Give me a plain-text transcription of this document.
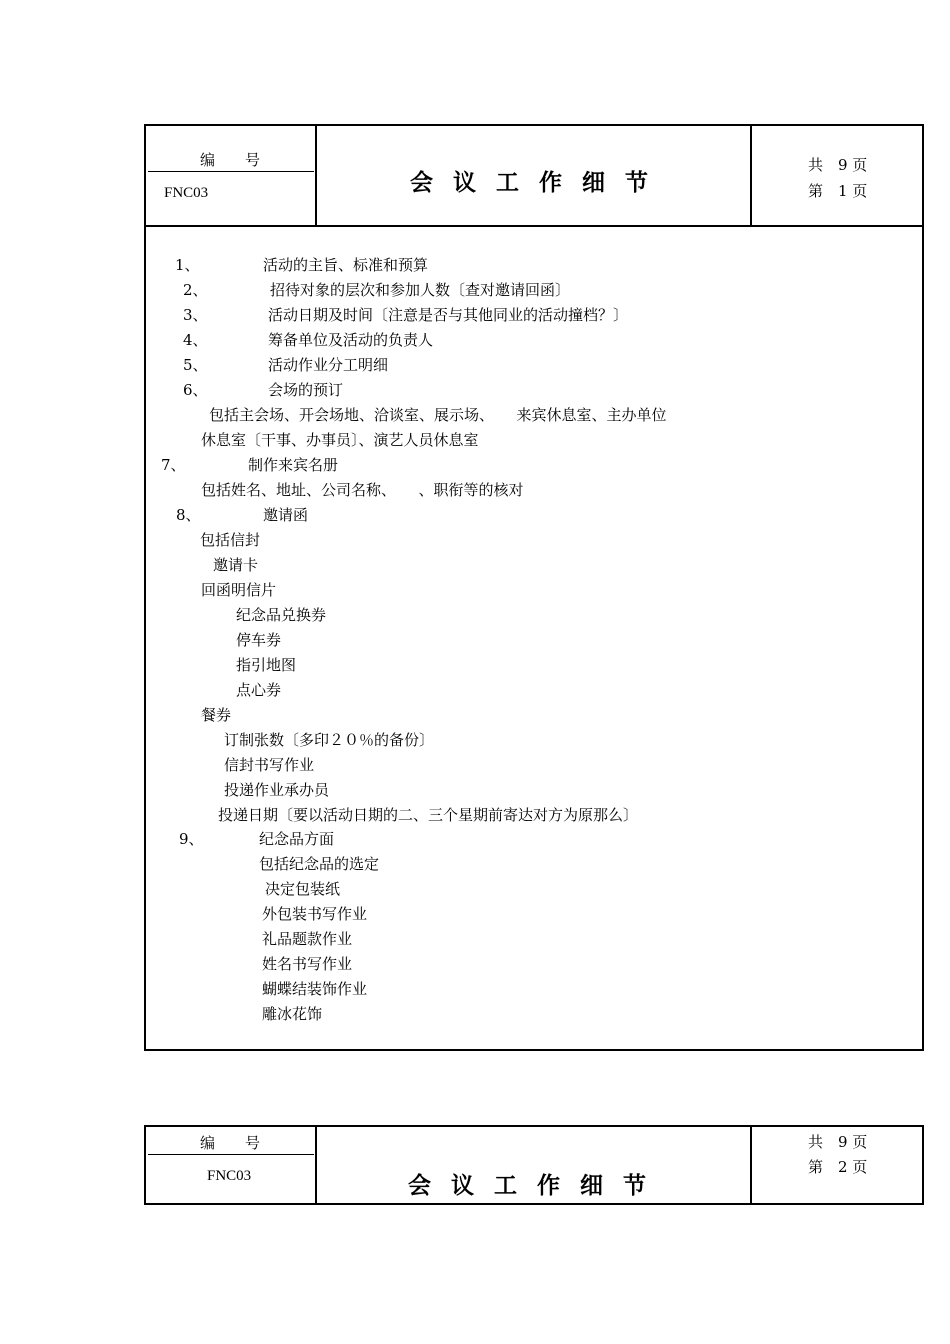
编　　号
FNC03	会议工作细节
共　9 页
第　1 页
1、	活动的主旨、标准和预算
2、	招待对象的层次和参加人数〔查对邀请回函〕
3、	活动日期及时间〔注意是否与其他同业的活动撞档？〕
4、	筹备单位及活动的负责人
5、	活动作业分工明细
6、	会场的预订
包括主会场、开会场地、洽谈室、展示场、　　来宾休息室、主办单位
休息室〔干事、办事员〕、演艺人员休息室
7、	制作来宾名册
包括姓名、地址、公司名称、　　、职衔等的核对
8、	邀请函
包括信封
邀请卡
回函明信片
纪念品兑换券
停车券
指引地图
点心券
餐券
订制张数〔多印２０％的备份〕
信封书写作业
投递作业承办员
投递日期〔要以活动日期的二、三个星期前寄达对方为原那么〕
9、	纪念品方面
包括纪念品的选定
决定包装纸
外包装书写作业
礼品题款作业
姓名书写作业
蝴蝶结装饰作业
雕冰花饰
编　　号
FNC03	会议工作细节
共　9 页
第　2 页
